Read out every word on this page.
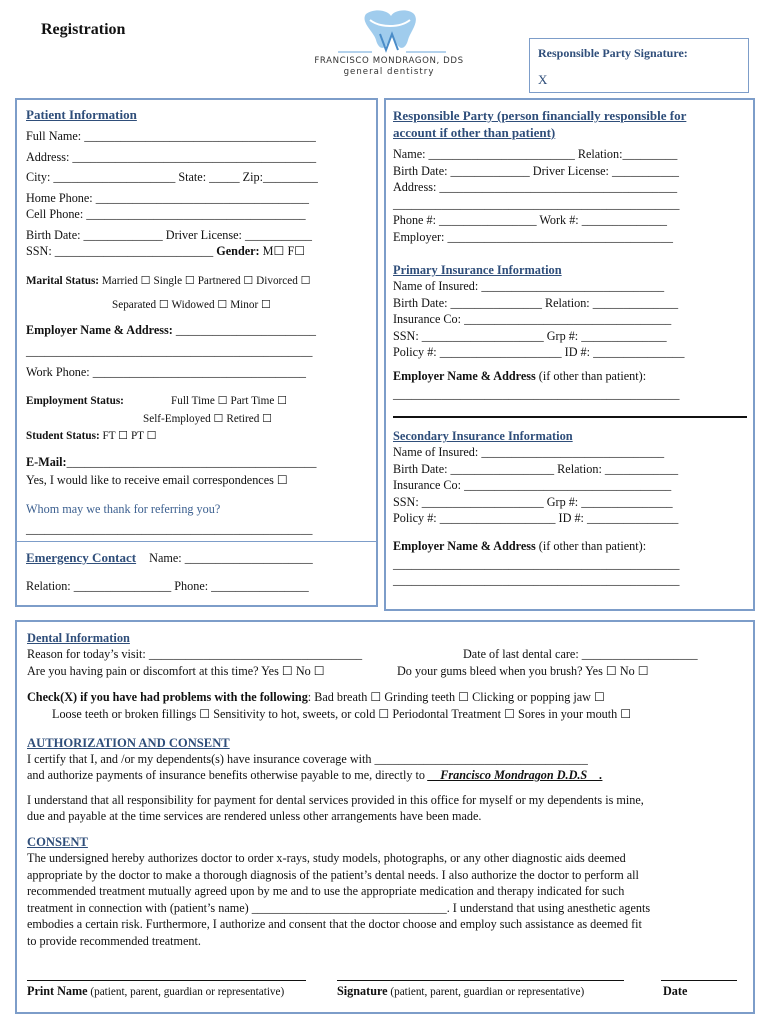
Registration
FRANCISCO MONDRAGON, DDS
general dentistry
Responsible Party Signature:
X
Patient Information
Full Name: ______________________________________
Address: ________________________________________
City: ____________________ State: _____ Zip:_________
Home Phone: ___________________________________
Cell Phone: ____________________________________
Birth Date: _____________ Driver License: ___________
SSN: __________________________ Gender: M☐ F☐
Marital Status: Married ☐ Single ☐ Partnered ☐ Divorced ☐
Separated ☐ Widowed ☐ Minor ☐
Employer Name & Address: _______________________
_______________________________________________
Work Phone: ___________________________________
Employment Status:	Full Time ☐ Part Time ☐
Self-Employed ☐ Retired ☐
Student Status: FT ☐ PT ☐
E-Mail:_________________________________________
Yes, I would like to receive email correspondences ☐
Whom may we thank for referring you?
_______________________________________________
Emergency Contact Name: _____________________
Relation: ________________ Phone: ________________
Responsible Party (person financially responsible for
account if other than patient)
Name: ________________________ Relation:_________
Birth Date: _____________ Driver License: ___________
Address: _______________________________________
_______________________________________________
Phone #: ________________ Work #: ______________
Employer: _____________________________________
Primary Insurance Information
Name of Insured: ______________________________
Birth Date: _______________ Relation: ______________
Insurance Co: __________________________________
SSN: ____________________ Grp #: ______________
Policy #: ____________________ ID #: _______________
Employer Name & Address (if other than patient):
_______________________________________________
Secondary Insurance Information
Name of Insured: ______________________________
Birth Date: _________________ Relation: ____________
Insurance Co: __________________________________
SSN: ____________________ Grp #: _______________
Policy #: ___________________ ID #: _______________
Employer Name & Address (if other than patient):
_______________________________________________
_______________________________________________
Dental Information
Reason for today’s visit: ___________________________________	Date of last dental care: ___________________
Are you having pain or discomfort at this time? Yes ☐ No ☐	Do your gums bleed when you brush? Yes ☐ No ☐
Check(X) if you have had problems with the following: Bad breath ☐ Grinding teeth ☐ Clicking or popping jaw ☐
Loose teeth or broken fillings ☐ Sensitivity to hot, sweets, or cold ☐ Periodontal Treatment ☐ Sores in your mouth ☐
AUTHORIZATION AND CONSENT
I certify that I, and /or my dependents(s) have insurance coverage with ___________________________________
and authorize payments of insurance benefits otherwise payable to me, directly to __Francisco Mondragon D.D.S__.
I understand that all responsibility for payment for dental services provided in this office for myself or my dependents is mine,
due and payable at the time services are rendered unless other arrangements have been made.
CONSENT
The undersigned hereby authorizes doctor to order x-rays, study models, photographs, or any other diagnostic aids deemed
appropriate by the doctor to make a thorough diagnosis of the patient’s dental needs. I also authorize the doctor to perform all
recommended treatment mutually agreed upon by me and to use the appropriate medication and therapy indicated for such
treatment in connection with (patient’s name) ________________________________. I understand that using anesthetic agents
embodies a certain risk. Furthermore, I authorize and consent that the doctor choose and employ such assistance as deemed fit
to provide recommended treatment.
Print Name (patient, parent, guardian or representative)	Signature (patient, parent, guardian or representative)	Date
